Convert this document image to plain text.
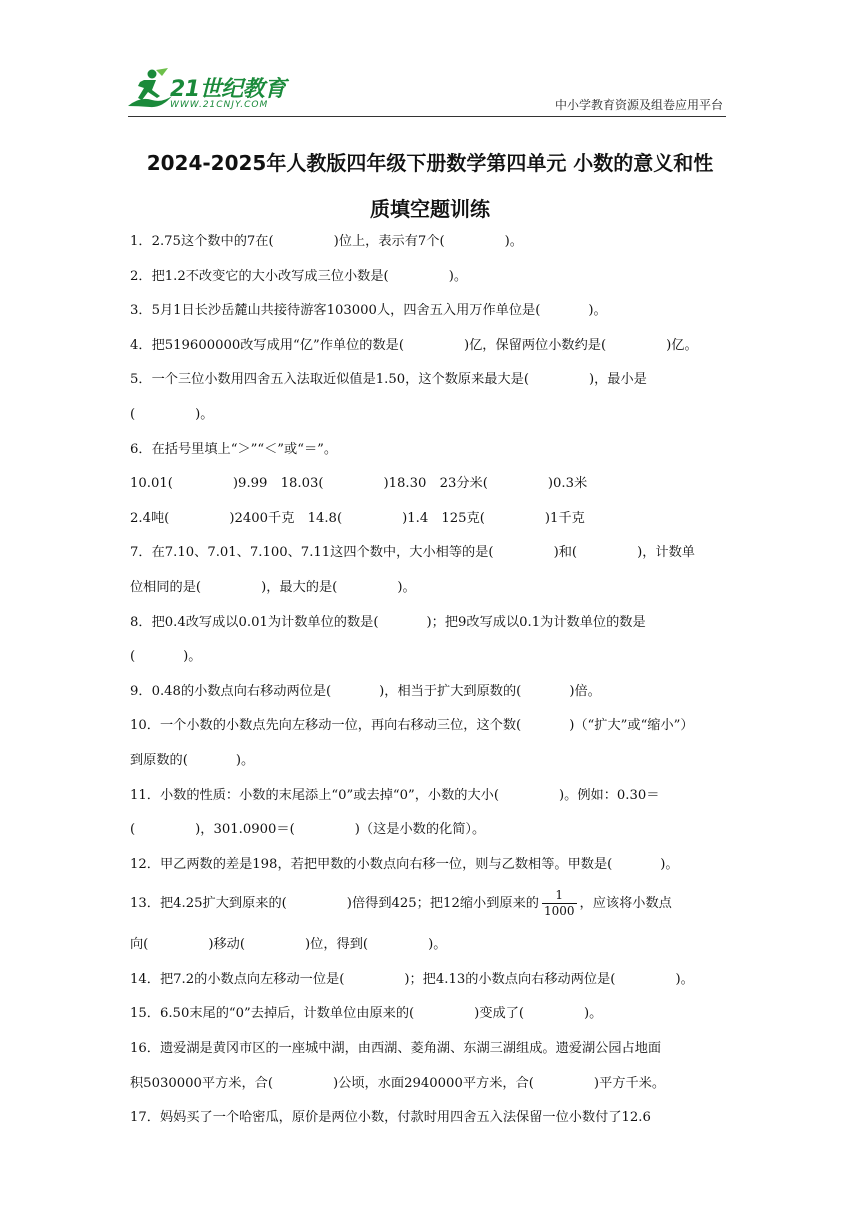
21世纪教育
WWW.21CNJY.COM	中小学教育资源及组卷应用平台
2024-2025年人教版四年级下册数学第四单元 小数的意义和性
质填空题训练
1．2.75这个数中的7在(	)位上，表示有7个(	)。
2．把1.2不改变它的大小改写成三位小数是(	)。
3．5月1日长沙岳麓山共接待游客103000人，四舍五入用万作单位是(	)。
4．把519600000改写成用“亿”作单位的数是(	)亿，保留两位小数约是(	)亿。
5．一个三位小数用四舍五入法取近似值是1.50，这个数原来最大是(	)，最小是
(	)。
6．在括号里填上“＞”“＜”或“＝”。
10.01(	)9.99　18.03(	)18.30　23分米(	)0.3米
2.4吨(	)2400千克　14.8(	)1.4　125克(	)1千克
7．在7.10、7.01、7.100、7.11这四个数中，大小相等的是(	)和(	)，计数单
位相同的是(	)，最大的是(	)。
8．把0.4改写成以0.01为计数单位的数是(	)；把9改写成以0.1为计数单位的数是
(	)。
9．0.48的小数点向右移动两位是(	)，相当于扩大到原数的(	)倍。
10．一个小数的小数点先向左移动一位，再向右移动三位，这个数(	)（“扩大”或“缩小”）
到原数的(	)。
11．小数的性质：小数的末尾添上“0”或去掉“0”，小数的大小(	)。例如：0.30＝
(	)，301.0900＝(	)（这是小数的化简）。
12．甲乙两数的差是198，若把甲数的小数点向右移一位，则与乙数相等。甲数是(	)。
13．把4.25扩大到原来的(	)倍得到425；把12缩小到原来的 $\frac{1}{1000}$ ，应该将小数点
向(	)移动(	)位，得到(	)。
14．把7.2的小数点向左移动一位是(	)；把4.13的小数点向右移动两位是(	)。
15．6.50末尾的“0”去掉后，计数单位由原来的(	)变成了(	)。
16．遗爱湖是黄冈市区的一座城中湖，由西湖、菱角湖、东湖三湖组成。遗爱湖公园占地面
积5030000平方米，合(	)公顷，水面2940000平方米，合(	)平方千米。
17．妈妈买了一个哈密瓜，原价是两位小数，付款时用四舍五入法保留一位小数付了12.6
